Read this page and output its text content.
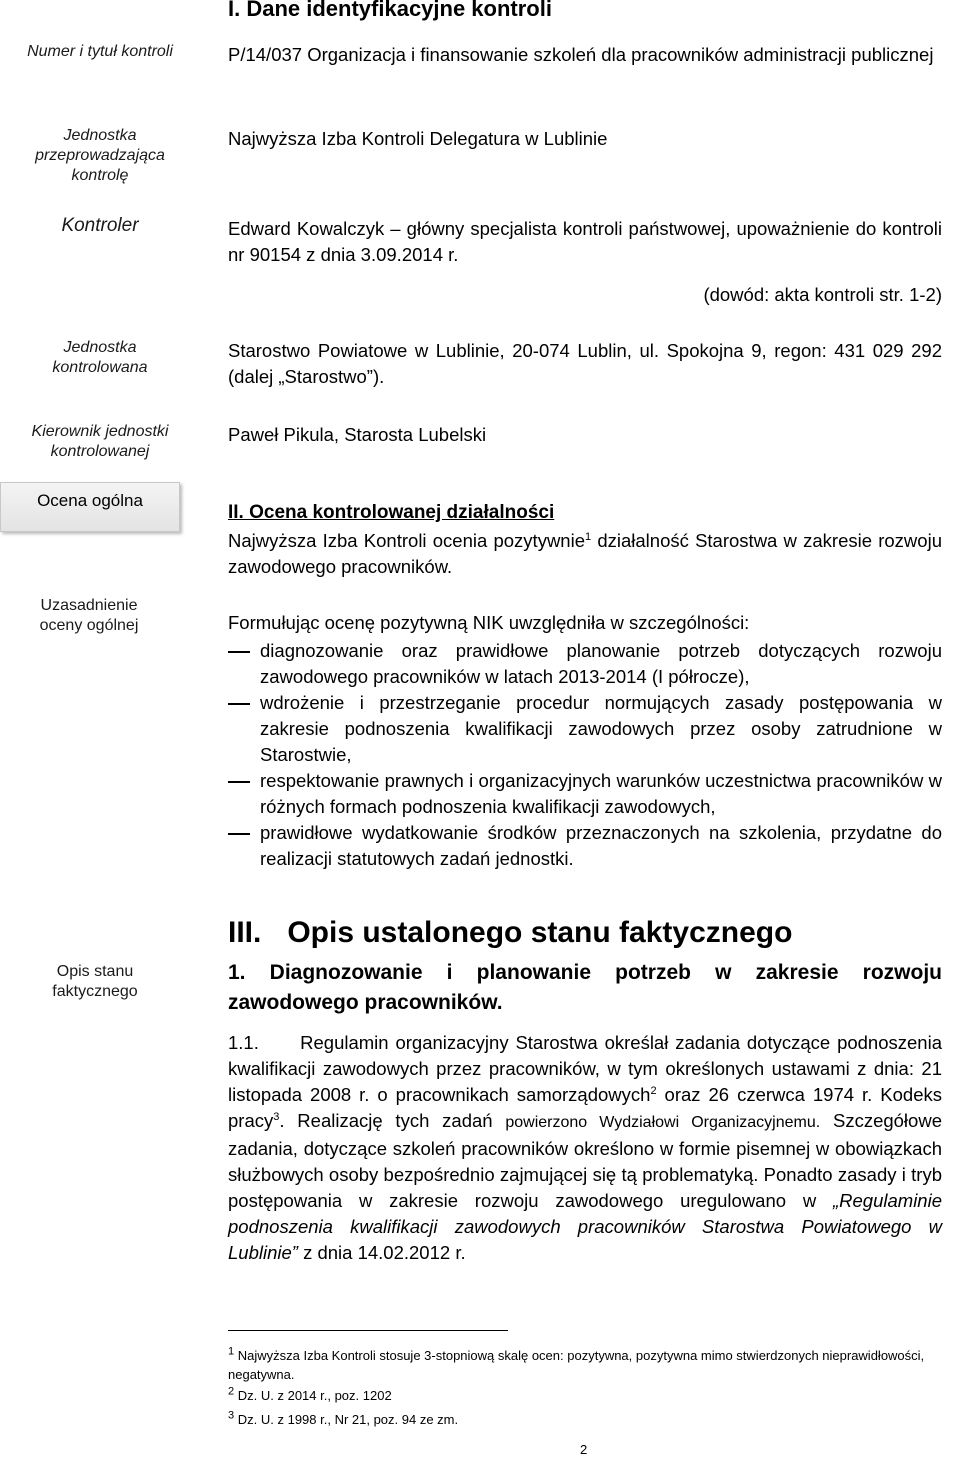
I. Dane identyfikacyjne kontroli
Numer i tytuł kontroli
Jednostka
przeprowadzająca
kontrolę
Kontroler
Jednostka
kontrolowana
Kierownik jednostki
kontrolowanej
Ocena ogólna
Uzasadnienie
oceny ogólnej
Opis stanu
faktycznego
P/14/037 Organizacja i finansowanie szkoleń dla pracowników administracji publicznej
Najwyższa Izba Kontroli Delegatura w Lublinie
Edward Kowalczyk – główny specjalista kontroli państwowej, upoważnienie do kontroli nr 90154 z dnia 3.09.2014 r.
(dowód: akta kontroli str. 1-2)
Starostwo Powiatowe w Lublinie, 20-074 Lublin, ul. Spokojna 9, regon: 431 029 292 (dalej „Starostwo”).
Paweł Pikula, Starosta Lubelski
II. Ocena kontrolowanej działalności
Najwyższa Izba Kontroli ocenia pozytywnie$^1$ działalność Starostwa w zakresie rozwoju zawodowego pracowników.
Formułując ocenę pozytywną NIK uwzględniła w szczególności:
diagnozowanie oraz prawidłowe planowanie potrzeb dotyczących rozwoju zawodowego pracowników w latach 2013-2014 (I półrocze),
wdrożenie i przestrzeganie procedur normujących zasady postępowania w zakresie podnoszenia kwalifikacji zawodowych przez osoby zatrudnione w Starostwie,
respektowanie prawnych i organizacyjnych warunków uczestnictwa pracowników w różnych formach podnoszenia kwalifikacji zawodowych,
prawidłowe wydatkowanie środków przeznaczonych na szkolenia, przydatne do realizacji statutowych zadań jednostki.
III. Opis ustalonego stanu faktycznego
1. Diagnozowanie i planowanie potrzeb w zakresie rozwoju zawodowego pracowników.
1.1. Regulamin organizacyjny Starostwa określał zadania dotyczące podnoszenia kwalifikacji zawodowych przez pracowników, w tym określonych ustawami z dnia: 21 listopada 2008 r. o pracownikach samorządowych$^2$ oraz 26 czerwca 1974 r. Kodeks pracy$^3$. Realizację tych zadań powierzono Wydziałowi Organizacyjnemu. Szczegółowe zadania, dotyczące szkoleń pracowników określono w formie pisemnej w obowiązkach służbowych osoby bezpośrednio zajmującej się tą problematyką. Ponadto zasady i tryb postępowania w zakresie rozwoju zawodowego uregulowano w „Regulaminie podnoszenia kwalifikacji zawodowych pracowników Starostwa Powiatowego w Lublinie” z dnia 14.02.2012 r.
$^1$ Najwyższa Izba Kontroli stosuje 3-stopniową skalę ocen: pozytywna, pozytywna mimo stwierdzonych nieprawidłowości, negatywna.
$^2$ Dz. U. z 2014 r., poz. 1202
$^3$ Dz. U. z 1998 r., Nr 21, poz. 94 ze zm.
2
